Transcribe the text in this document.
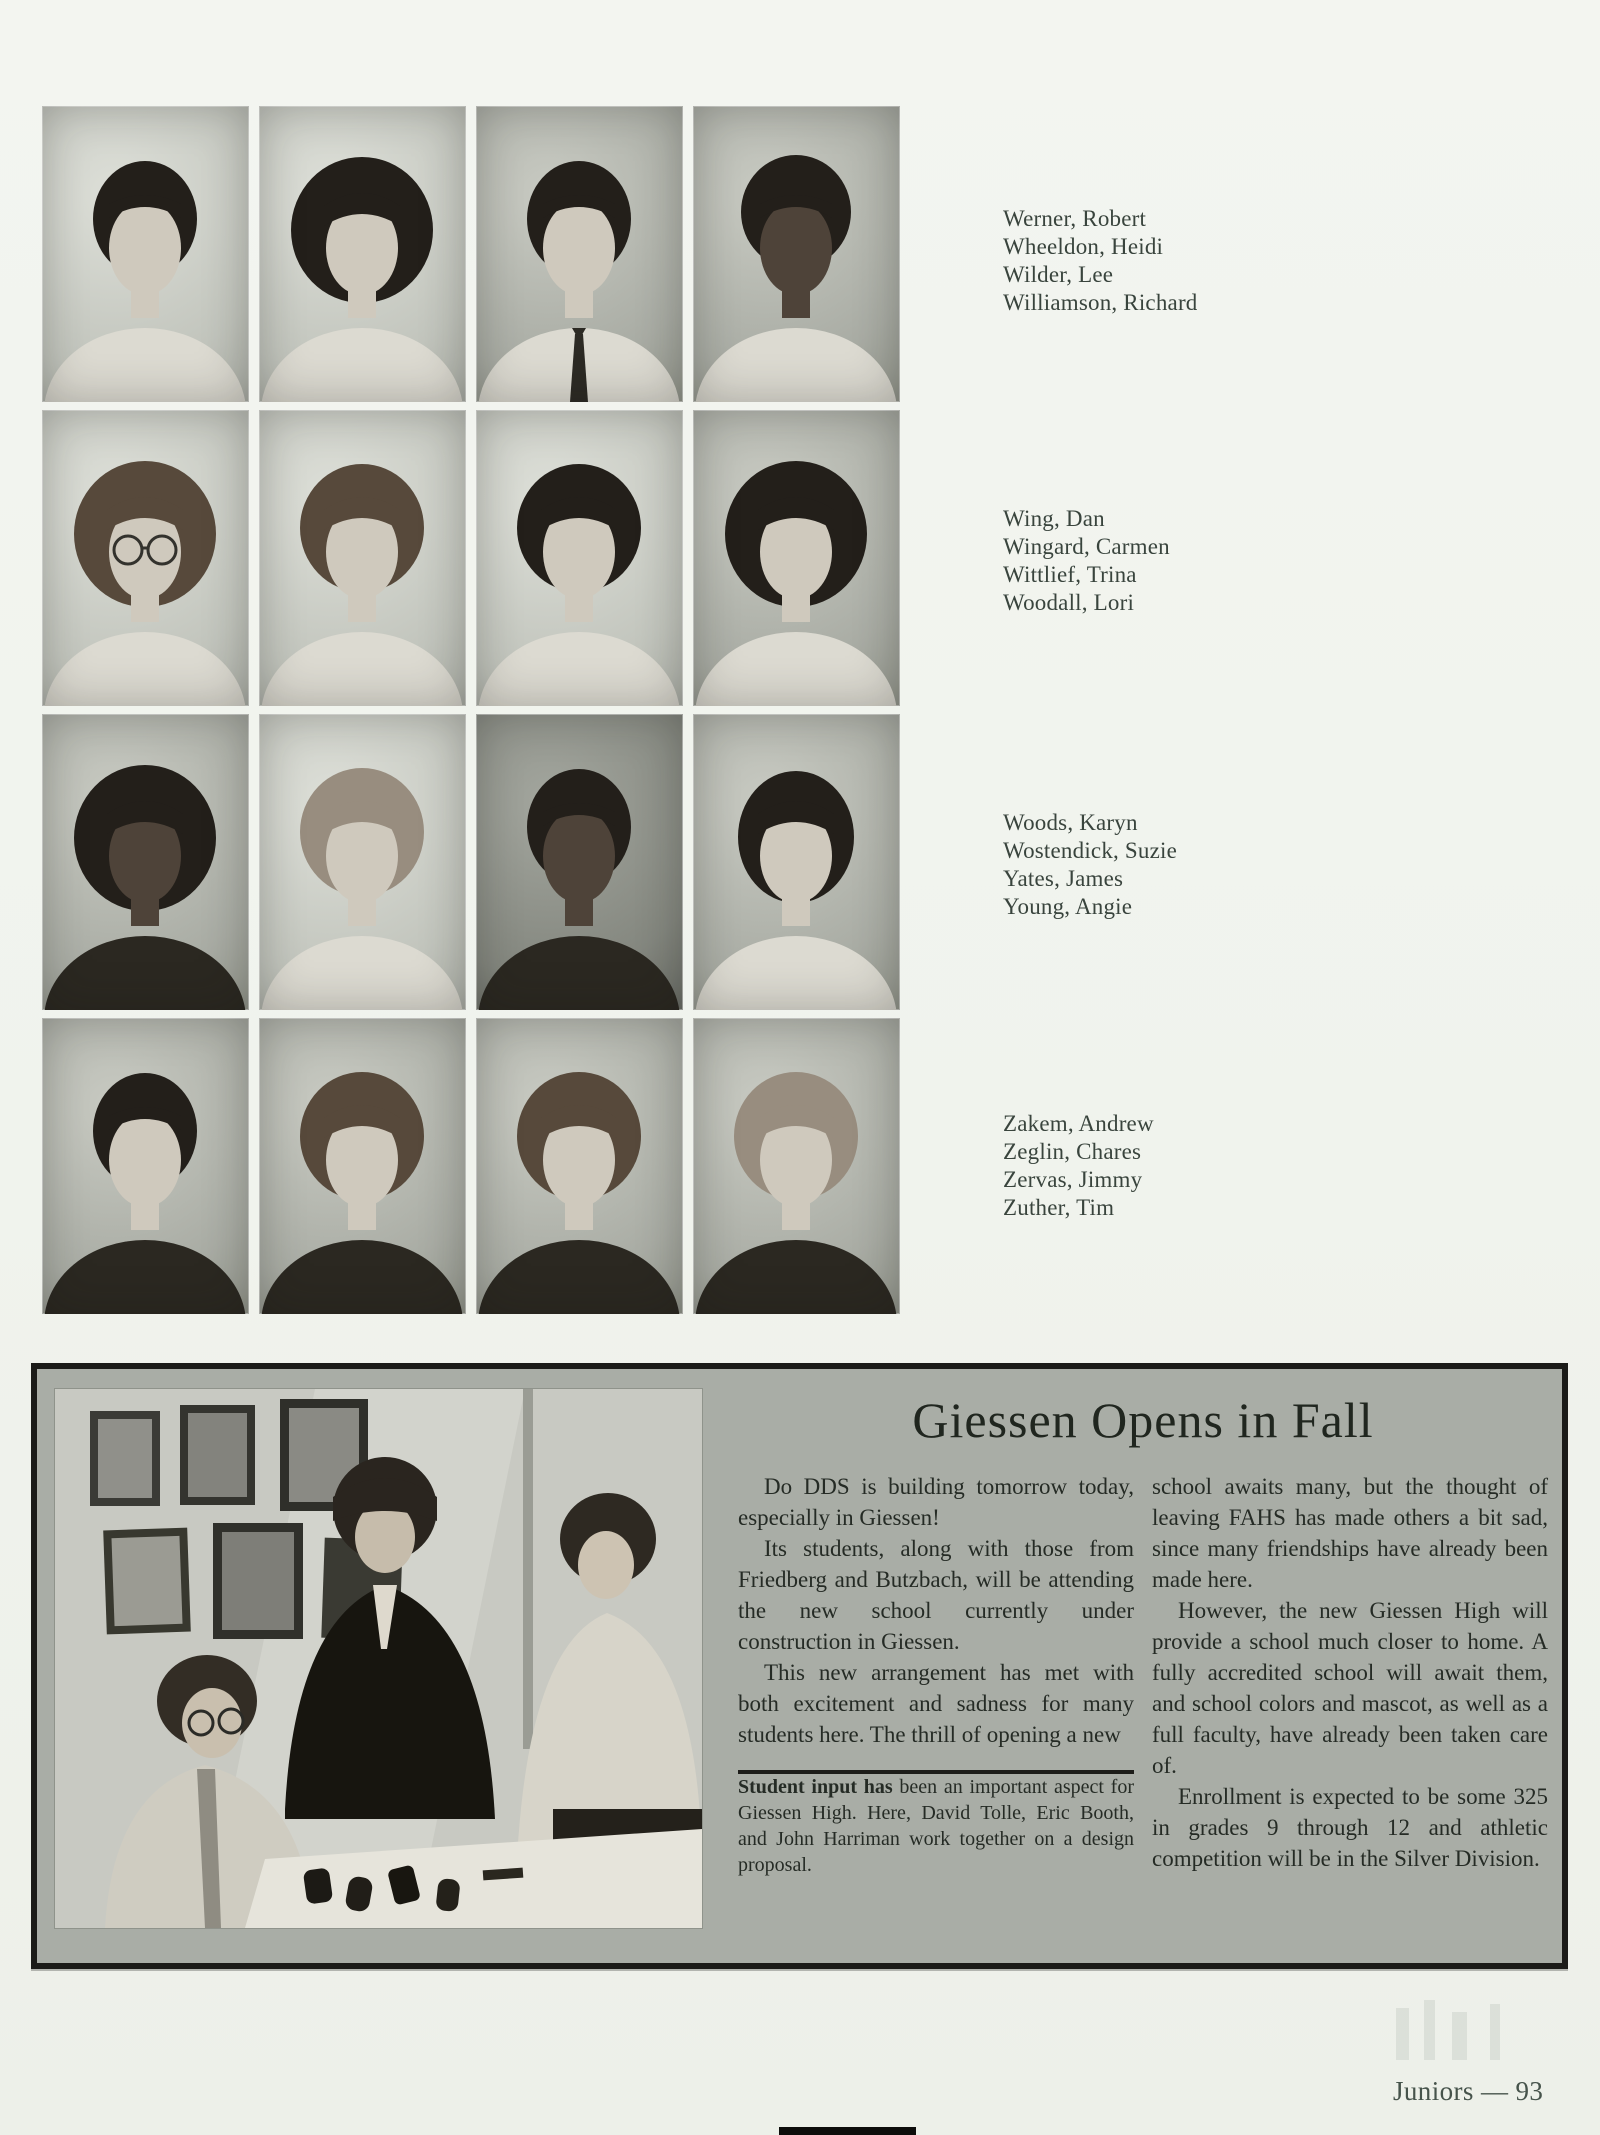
Werner, Robert
Wheeldon, Heidi
Wilder, Lee
Williamson, Richard
Wing, Dan
Wingard, Carmen
Wittlief, Trina
Woodall, Lori
Woods, Karyn
Wostendick, Suzie
Yates, James
Young, Angie
Zakem, Andrew
Zeglin, Chares
Zervas, Jimmy
Zuther, Tim
Giessen Opens in Fall

Do DDS is building tomorrow today, especially in Giessen!

Its students, along with those from Friedberg and Butzbach, will be attending the new school currently under construction in Giessen.

This new arrangement has met with both excitement and sadness for many students here. The thrill of opening a new

Student input has been an important aspect for Giessen High. Here, David Tolle, Eric Booth, and John Harriman work together on a design proposal.

school awaits many, but the thought of leaving FAHS has made others a bit sad, since many friendships have already been made here.

However, the new Giessen High will provide a school much closer to home. A fully accredited school will await them, and school colors and mascot, as well as a full faculty, have already been taken care of.

Enrollment is expected to be some 325 in grades 9 through 12 and athletic competition will be in the Silver Division.

Juniors — 93
